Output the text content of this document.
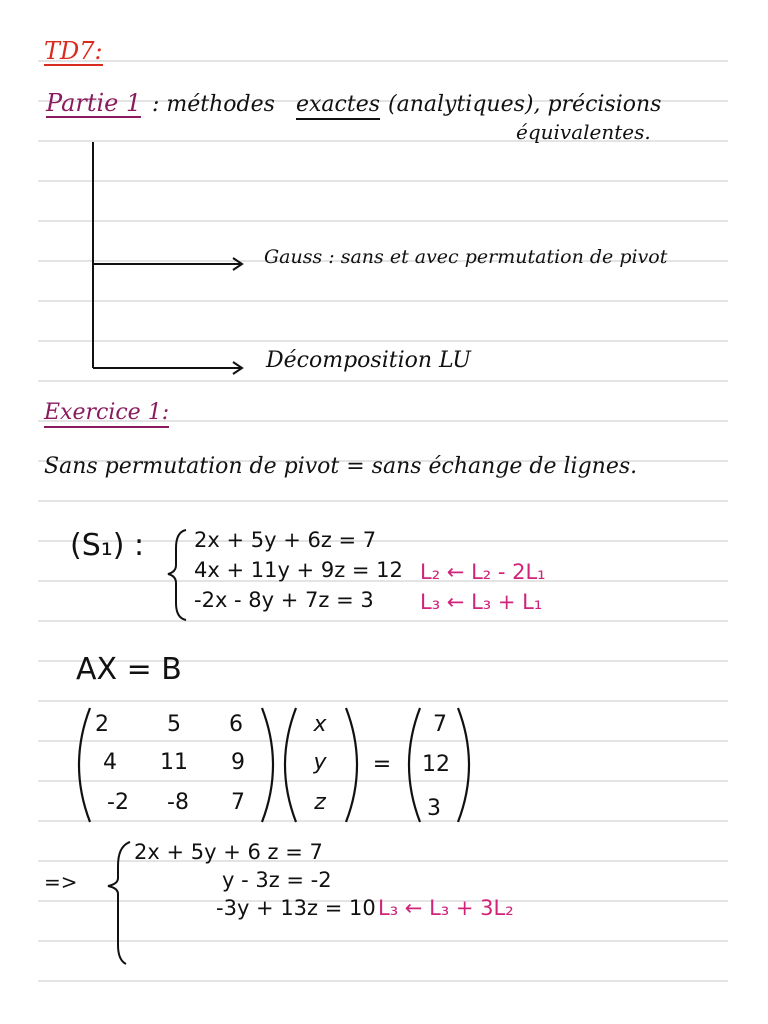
TD7:
Partie 1 : méthodes exactes (analytiques), précisions
équivalentes.
Gauss : sans et avec permutation de pivot
Décomposition LU
Exercice 1:
Sans permutation de pivot = sans échange de lignes.
(S₁) : 2x + 5y + 6z = 7
4x + 11y + 9z = 12
-2x - 8y + 7z = 3
L₂ ← L₂ - 2L₁
L₃ ← L₃ + L₁
AX = B
2	5	6
4	11	9
-2	-8	7
x
y
z
=
7
12
3
=>
2x + 5y + 6 z = 7
y - 3z = -2
-3y + 13z = 10 L₃ ← L₃ + 3L₂
